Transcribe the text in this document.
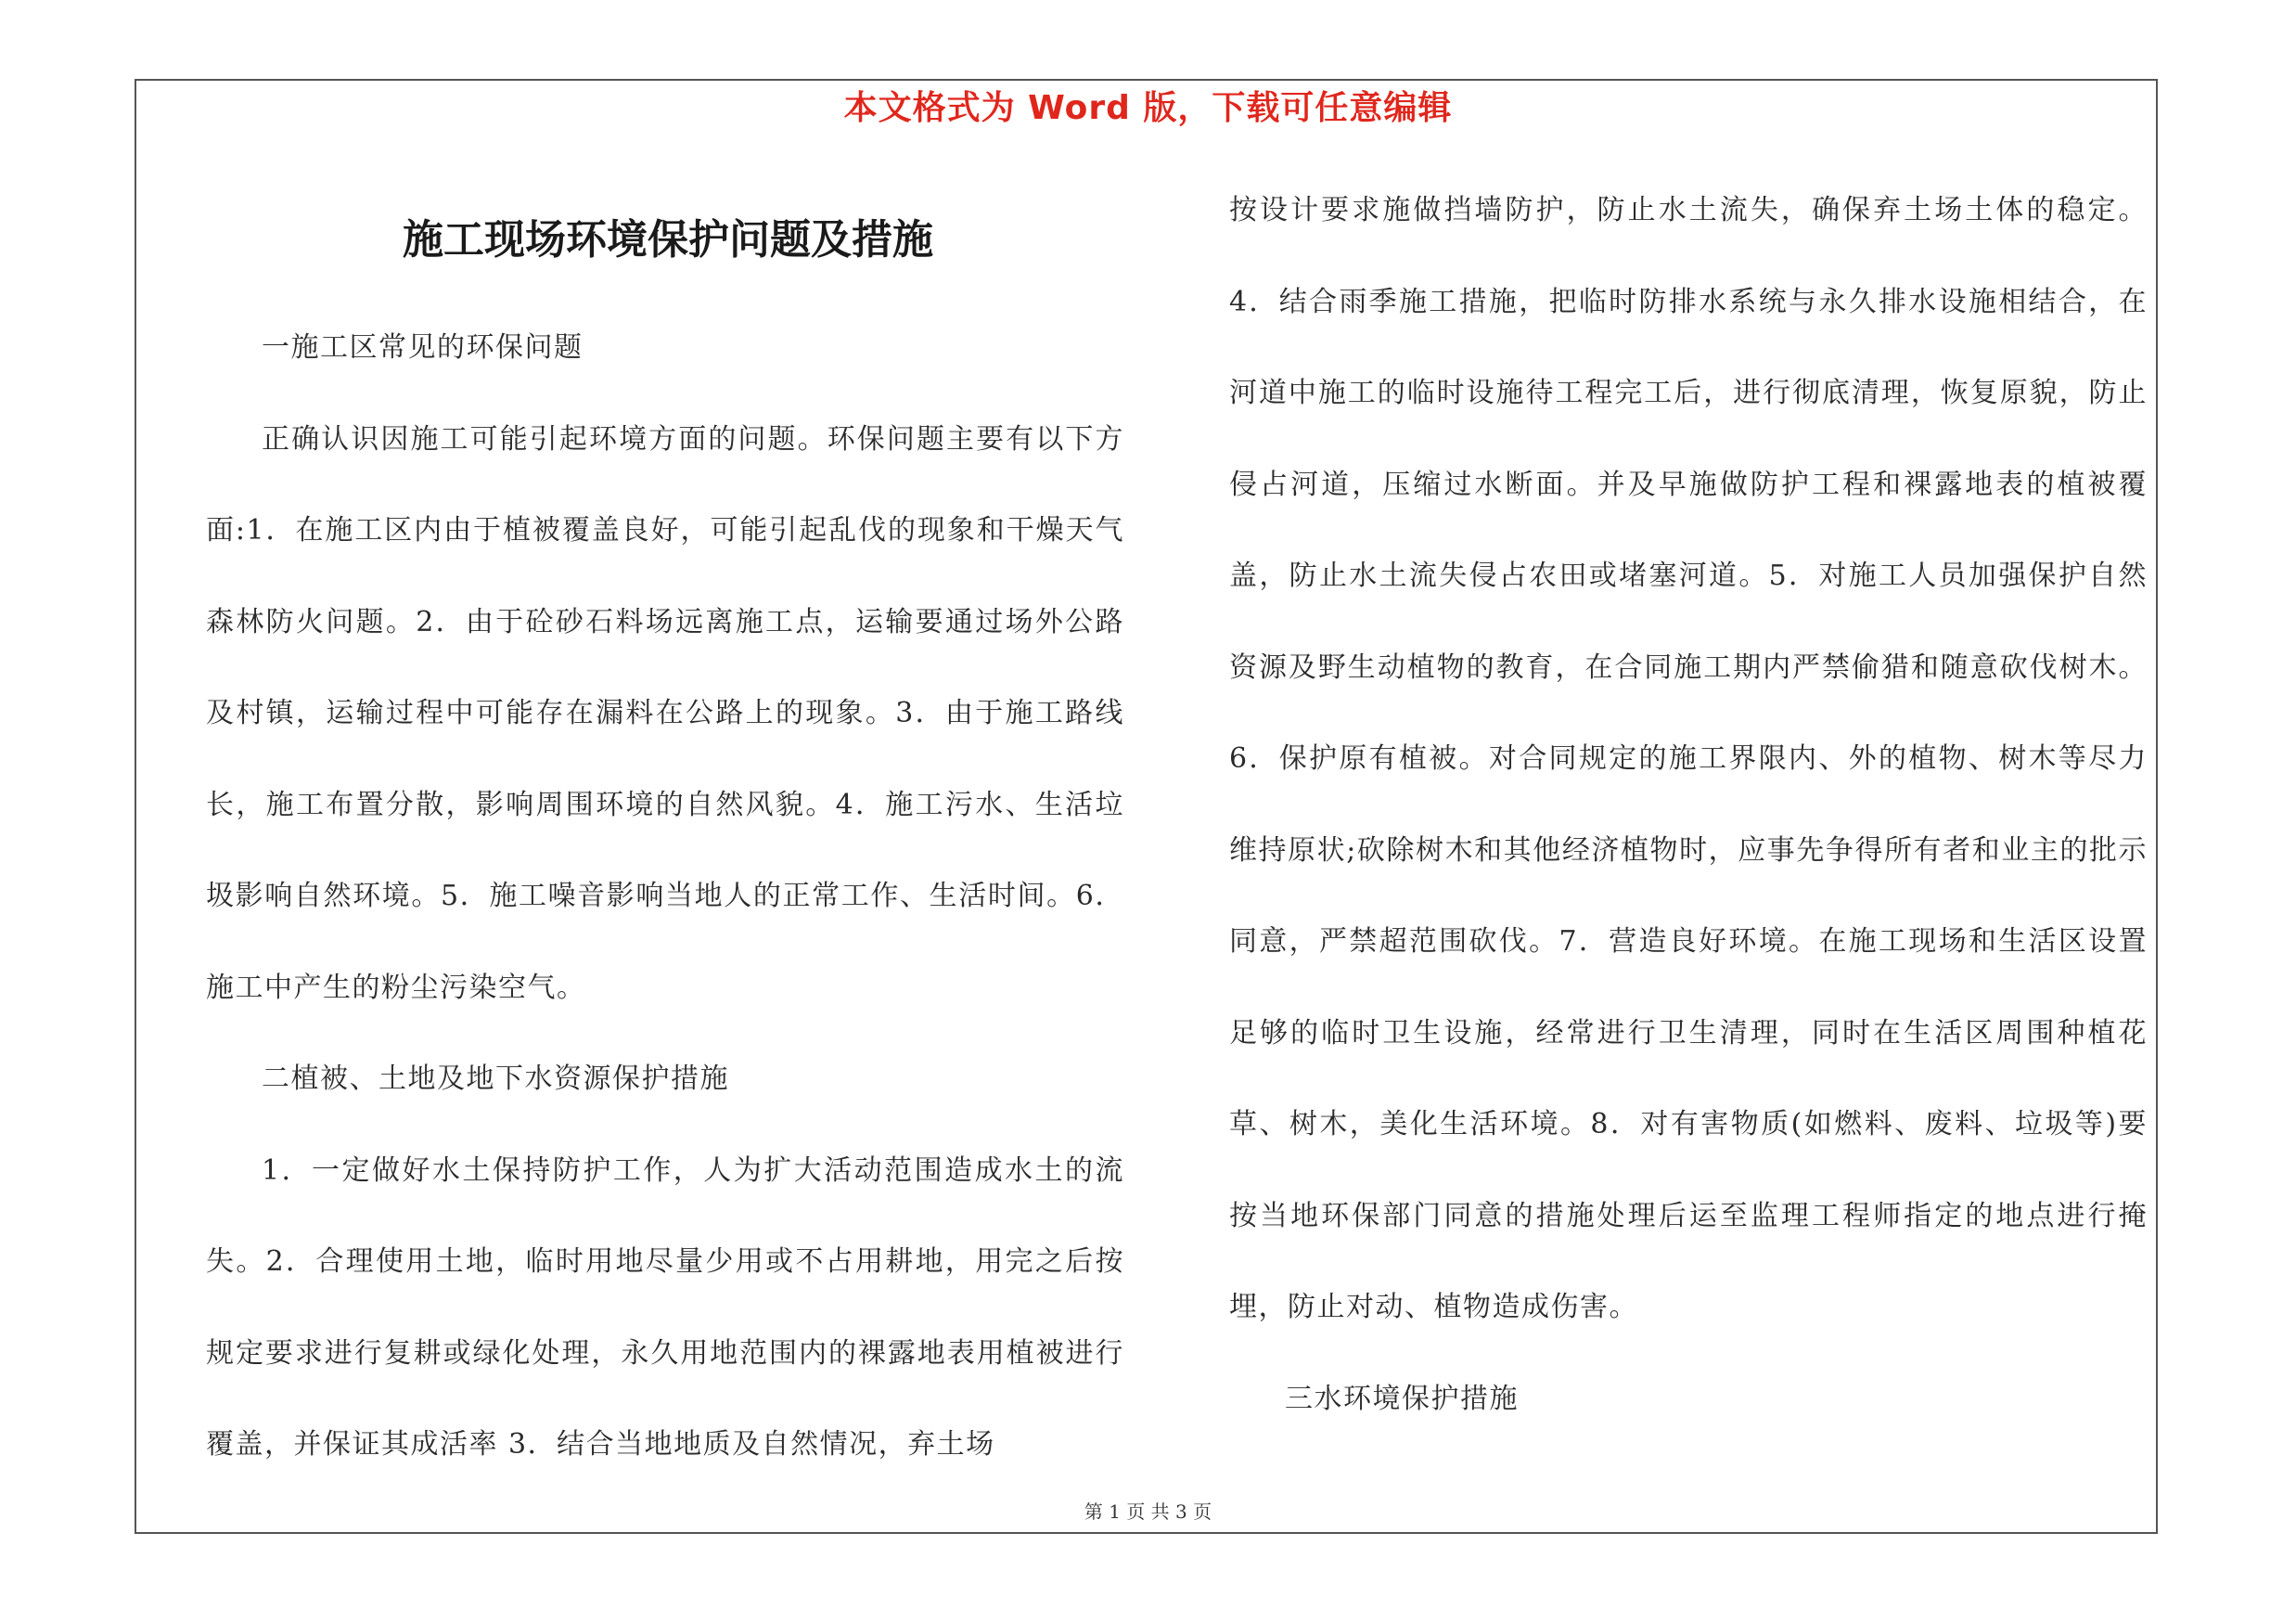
本文格式为 Word 版，下载可任意编辑
施工现场环境保护问题及措施

一施工区常见的环保问题

正确认识因施工可能引起环境方面的问题。环保问题主要有以下方面:1．在施工区内由于植被覆盖良好，可能引起乱伐的现象和干燥天气森林防火问题。2．由于砼砂石料场远离施工点，运输要通过场外公路及村镇，运输过程中可能存在漏料在公路上的现象。3．由于施工路线长，施工布置分散，影响周围环境的自然风貌。4．施工污水、生活垃圾影响自然环境。5．施工噪音影响当地人的正常工作、生活时间。6．施工中产生的粉尘污染空气。

二植被、土地及地下水资源保护措施

1．一定做好水土保持防护工作，人为扩大活动范围造成水土的流失。2．合理使用土地，临时用地尽量少用或不占用耕地，用完之后按规定要求进行复耕或绿化处理，永久用地范围内的裸露地表用植被进行覆盖，并保证其成活率 3．结合当地地质及自然情况，弃土场

按设计要求施做挡墙防护，防止水土流失，确保弃土场土体的稳定。4．结合雨季施工措施，把临时防排水系统与永久排水设施相结合，在河道中施工的临时设施待工程完工后，进行彻底清理，恢复原貌，防止侵占河道，压缩过水断面。并及早施做防护工程和裸露地表的植被覆盖，防止水土流失侵占农田或堵塞河道。5．对施工人员加强保护自然资源及野生动植物的教育，在合同施工期内严禁偷猎和随意砍伐树木。6．保护原有植被。对合同规定的施工界限内、外的植物、树木等尽力维持原状;砍除树木和其他经济植物时，应事先争得所有者和业主的批示同意，严禁超范围砍伐。7．营造良好环境。在施工现场和生活区设置足够的临时卫生设施，经常进行卫生清理，同时在生活区周围种植花草、树木，美化生活环境。8．对有害物质(如燃料、废料、垃圾等)要按当地环保部门同意的措施处理后运至监理工程师指定的地点进行掩埋，防止对动、植物造成伤害。

三水环境保护措施

第 1 页 共 3 页
